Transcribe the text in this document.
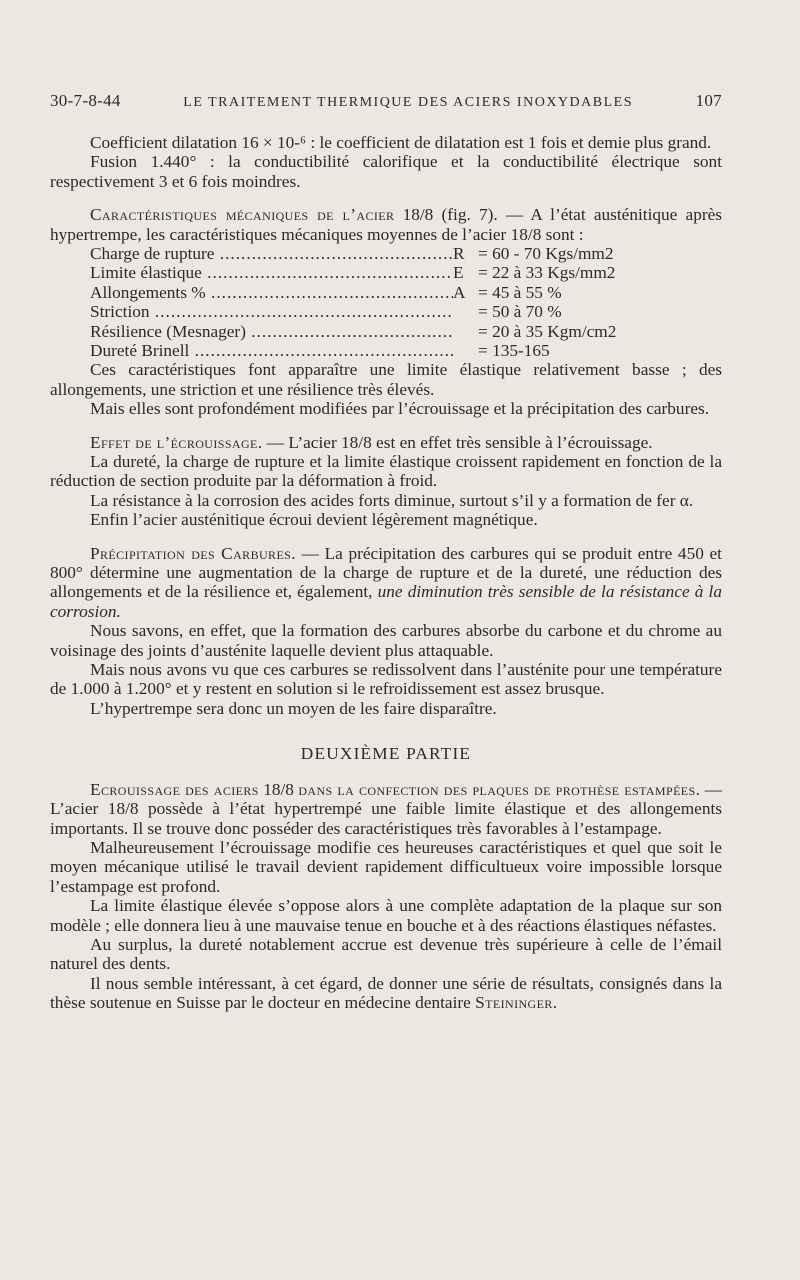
30-7-8-44	LE TRAITEMENT THERMIQUE DES ACIERS INOXYDABLES	107

Coefficient dilatation 16 × 10-⁶ : le coefficient de dilatation est 1 fois et demie plus grand.

Fusion 1.440° : la conductibilité calorifique et la conductibilité électrique sont respectivement 3 et 6 fois moindres.

Caractéristiques mécaniques de l’acier 18/8 (fig. 7). — A l’état austénitique après hypertrempe, les caractéristiques mécaniques moyennes de l’acier 18/8 sont :

Charge de rupture .....	R = 60 - 70 Kgs/mm2
Limite élastique .....	E = 22 à 33 Kgs/mm2
Allongements % .....	A = 45 à 55 %
Striction .....	= 50 à 70 %
Résilience (Mesnager) .....	= 20 à 35 Kgm/cm2
Dureté Brinell .....	= 135-165

Ces caractéristiques font apparaître une limite élastique relativement basse ; des allongements, une striction et une résilience très élevés.

Mais elles sont profondément modifiées par l’écrouissage et la précipitation des carbures.

Effet de l’écrouissage. — L’acier 18/8 est en effet très sensible à l’écrouissage.

La dureté, la charge de rupture et la limite élastique croissent rapidement en fonction de la réduction de section produite par la déformation à froid.

La résistance à la corrosion des acides forts diminue, surtout s’il y a formation de fer α.

Enfin l’acier austénitique écroui devient légèrement magnétique.

Précipitation des Carbures. — La précipitation des carbures qui se produit entre 450 et 800° détermine une augmentation de la charge de rupture et de la dureté, une réduction des allongements et de la résilience et, également, une diminution très sensible de la résistance à la corrosion.

Nous savons, en effet, que la formation des carbures absorbe du carbone et du chrome au voisinage des joints d’austénite laquelle devient plus attaquable.

Mais nous avons vu que ces carbures se redissolvent dans l’austénite pour une température de 1.000 à 1.200° et y restent en solution si le refroidissement est assez brusque.

L’hypertrempe sera donc un moyen de les faire disparaître.

DEUXIÈME PARTIE

Ecrouissage des aciers 18/8 dans la confection des plaques de prothèse estampées. — L’acier 18/8 possède à l’état hypertrempé une faible limite élastique et des allongements importants. Il se trouve donc posséder des caractéristiques très favorables à l’estampage.

Malheureusement l’écrouissage modifie ces heureuses caractéristiques et quel que soit le moyen mécanique utilisé le travail devient rapidement difficultueux voire impossible lorsque l’estampage est profond.

La limite élastique élevée s’oppose alors à une complète adaptation de la plaque sur son modèle ; elle donnera lieu à une mauvaise tenue en bouche et à des réactions élastiques néfastes.

Au surplus, la dureté notablement accrue est devenue très supérieure à celle de l’émail naturel des dents.

Il nous semble intéressant, à cet égard, de donner une série de résultats, consignés dans la thèse soutenue en Suisse par le docteur en médecine dentaire Steininger.
